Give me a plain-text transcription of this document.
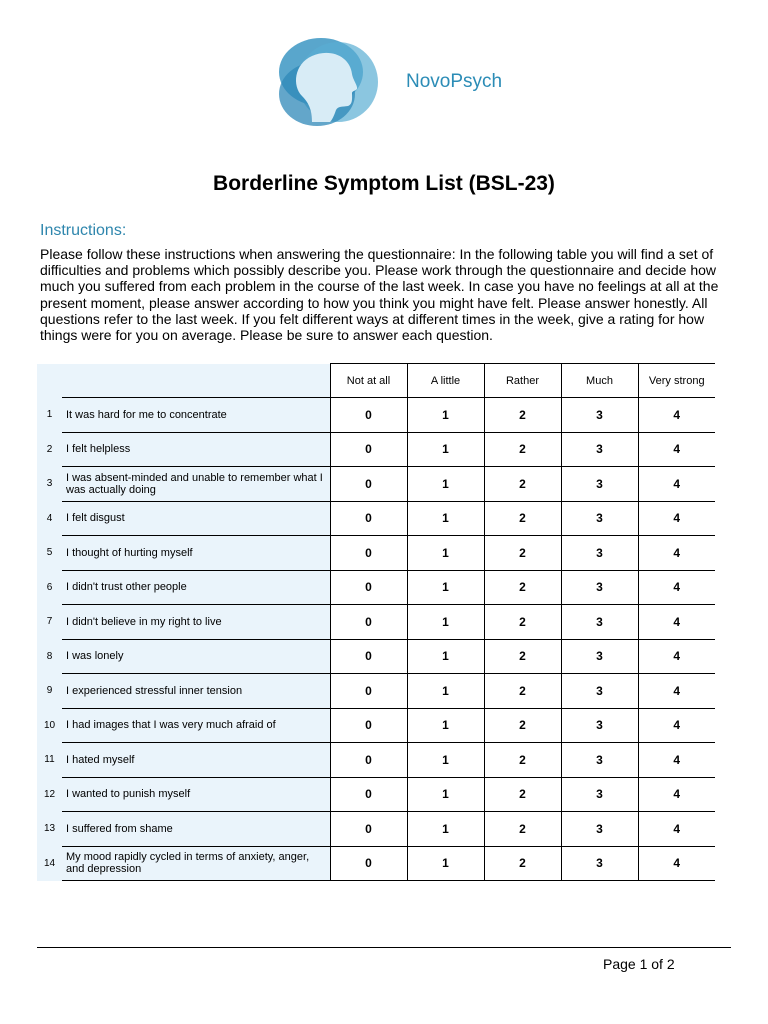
NovoPsych
Borderline Symptom List (BSL-23)
Instructions:
Please follow these instructions when answering the questionnaire: In the following table you will find a set of difficulties and problems which possibly describe you. Please work through the questionnaire and decide how much you suffered from each problem in the course of the last week. In case you have no feelings at all at the present moment, please answer according to how you think you might have felt. Please answer honestly. All questions refer to the last week. If you felt different ways at different times in the week, give a rating for how things were for you on average. Please be sure to answer each question.
		Not at all	A little	Rather	Much	Very strong
1	It was hard for me to concentrate	0	1	2	3	4
2	I felt helpless	0	1	2	3	4
3	I was absent-minded and unable to remember what I was actually doing	0	1	2	3	4
4	I felt disgust	0	1	2	3	4
5	I thought of hurting myself	0	1	2	3	4
6	I didn't trust other people	0	1	2	3	4
7	I didn't believe in my right to live	0	1	2	3	4
8	I was lonely	0	1	2	3	4
9	I experienced stressful inner tension	0	1	2	3	4
10	I had images that I was very much afraid of	0	1	2	3	4
11	I hated myself	0	1	2	3	4
12	I wanted to punish myself	0	1	2	3	4
13	I suffered from shame	0	1	2	3	4
14	My mood rapidly cycled in terms of anxiety, anger, and depression	0	1	2	3	4
Page 1 of 2
